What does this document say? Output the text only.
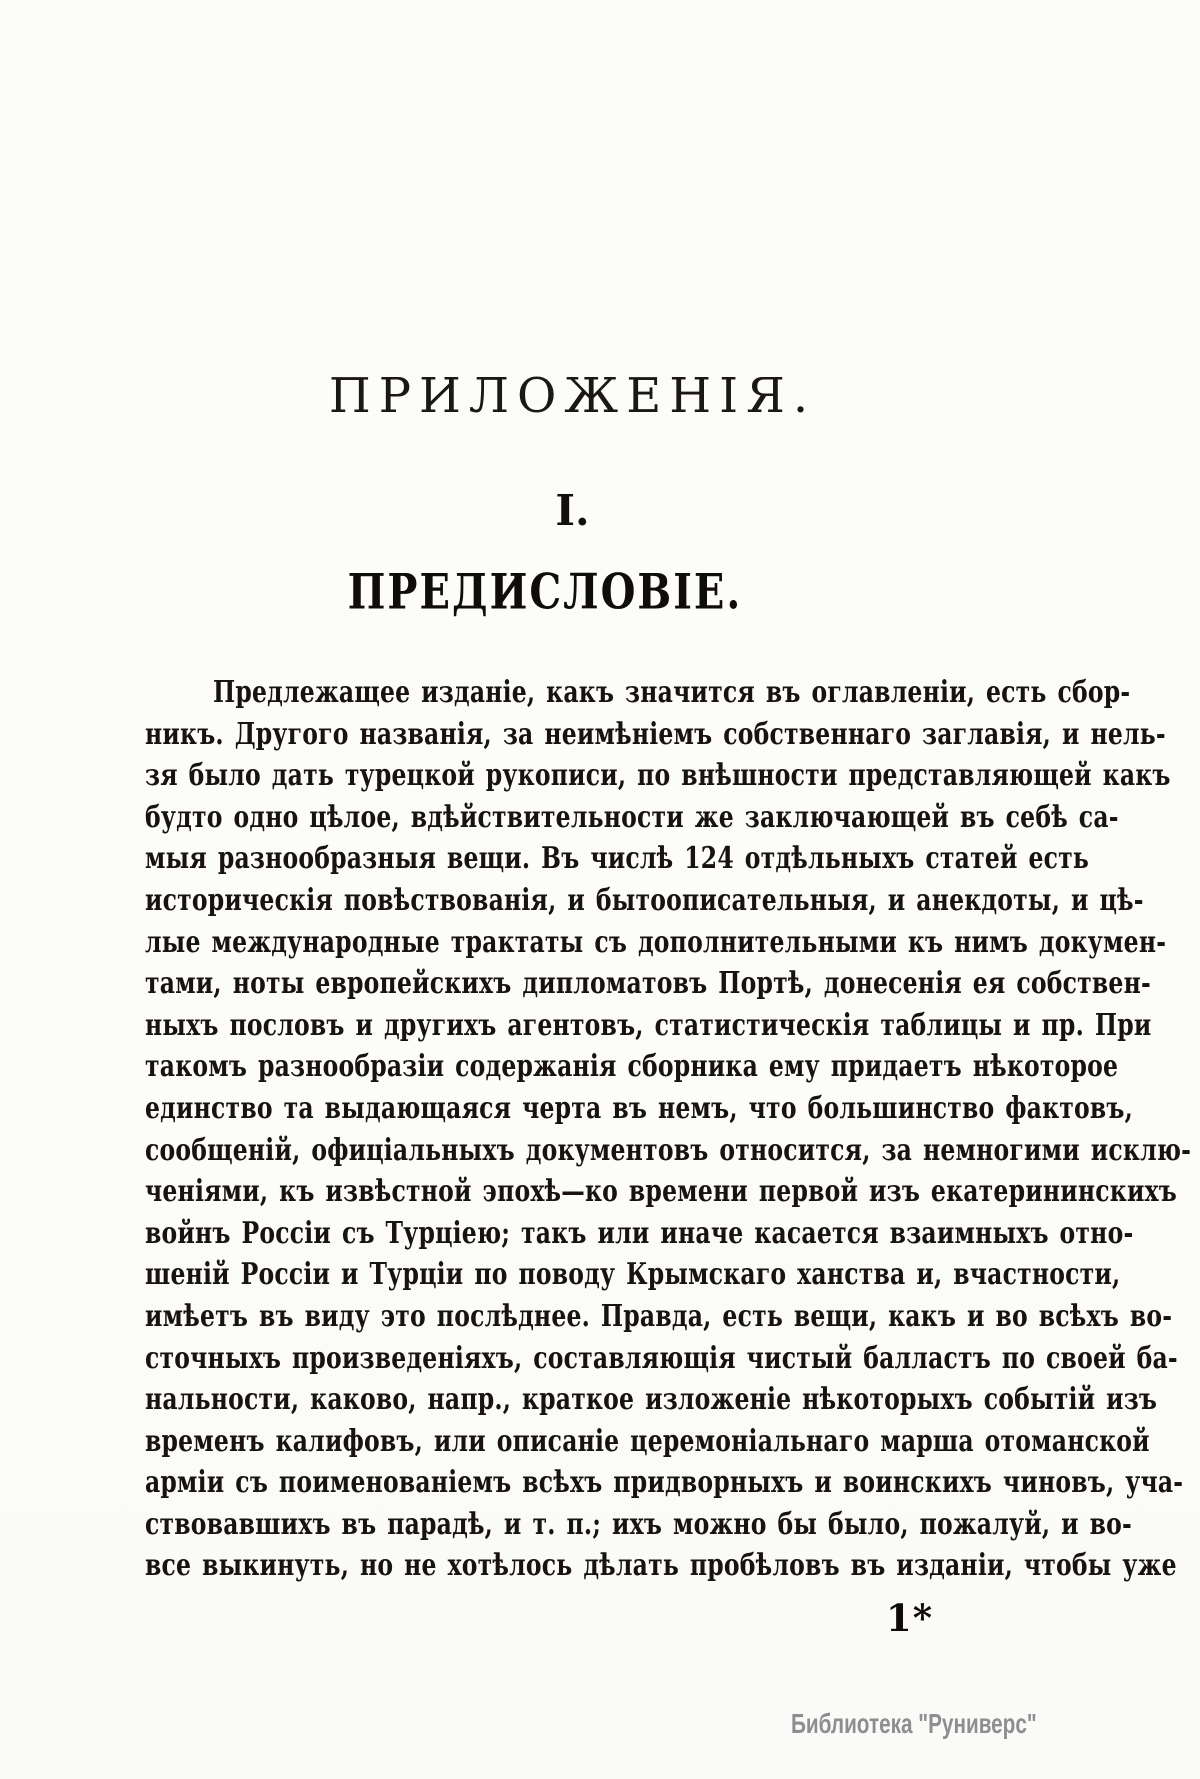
ПРИЛОЖЕНІЯ.
I.
ПРЕДИСЛОВІЕ.
Предлежащее изданіе, какъ значится въ оглавленіи, есть сбор-
никъ. Другого названія, за неимѣніемъ собственнаго заглавія, и нель-
зя было дать турецкой рукописи, по внѣшности представляющей какъ
будто одно цѣлое, вдѣйствительности же заключающей въ себѣ са-
мыя разнообразныя вещи. Въ числѣ 124 отдѣльныхъ статей есть
историческія повѣствованія, и бытоописательныя, и анекдоты, и цѣ-
лые международные трактаты съ дополнительными къ нимъ докумен-
тами, ноты европейскихъ дипломатовъ Портѣ, донесенія ея собствен-
ныхъ пословъ и другихъ агентовъ, статистическія таблицы и пр. При
такомъ разнообразіи содержанія сборника ему придаетъ нѣкоторое
единство та выдающаяся черта въ немъ, что большинство фактовъ,
сообщеній, офиціальныхъ документовъ относится, за немногими исклю-
ченіями, къ извѣстной эпохѣ—ко времени первой изъ екатерининскихъ
войнъ Россіи съ Турціею; такъ или иначе касается взаимныхъ отно-
шеній Россіи и Турціи по поводу Крымскаго ханства и, вчастности,
имѣетъ въ виду это послѣднее. Правда, есть вещи, какъ и во всѣхъ во-
сточныхъ произведеніяхъ, составляющія чистый балластъ по своей ба-
нальности, каково, напр., краткое изложеніе нѣкоторыхъ событій изъ
временъ калифовъ, или описаніе церемоніальнаго марша отоманской
арміи съ поименованіемъ всѣхъ придворныхъ и воинскихъ чиновъ, уча-
ствовавшихъ въ парадѣ, и т. п.; ихъ можно бы было, пожалуй, и во-
все выкинуть, но не хотѣлось дѣлать пробѣловъ въ изданіи, чтобы уже
1*
Библиотека "Руниверс"
